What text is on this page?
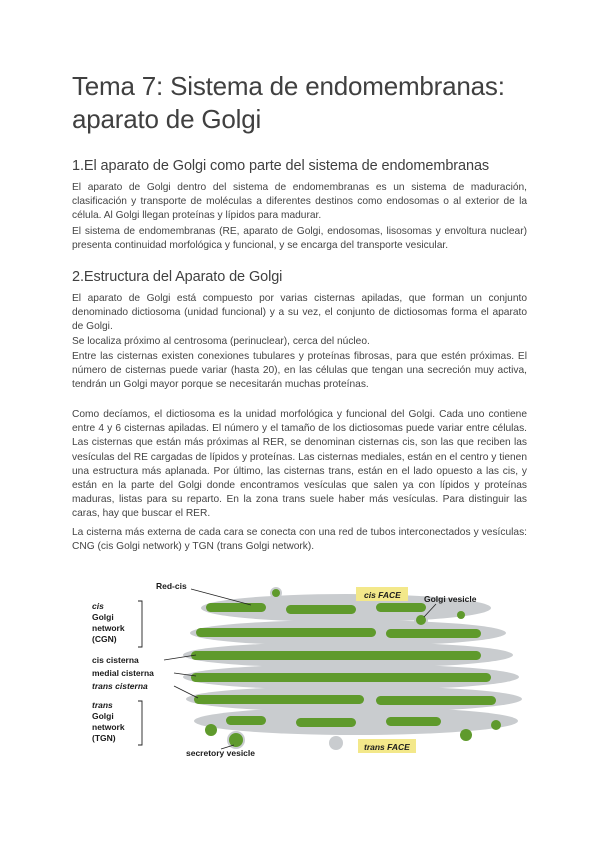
Tema 7: Sistema de endomembranas: aparato de Golgi
1.El aparato de Golgi como parte del sistema de endomembranas

El aparato de Golgi dentro del sistema de endomembranas es un sistema de maduración, clasificación y transporte de moléculas a diferentes destinos como endosomas o al exterior de la célula. Al Golgi llegan proteínas y lípidos para madurar.

El sistema de endomembranas (RE, aparato de Golgi, endosomas, lisosomas y envoltura nuclear) presenta continuidad morfológica y funcional, y se encarga del transporte vesicular.

2.Estructura del Aparato de Golgi

El aparato de Golgi está compuesto por varias cisternas apiladas, que forman un conjunto denominado dictiosoma (unidad funcional) y a su vez, el conjunto de dictiosomas forma el aparato de Golgi.

Se localiza próximo al centrosoma (perinuclear), cerca del núcleo.

Entre las cisternas existen conexiones tubulares y proteínas fibrosas, para que estén próximas. El número de cisternas puede variar (hasta 20), en las células que tengan una secreción muy activa, tendrán un Golgi mayor porque se necesitarán muchas proteínas.

Como decíamos, el dictiosoma es la unidad morfológica y funcional del Golgi. Cada uno contiene entre 4 y 6 cisternas apiladas. El número y el tamaño de los dictiosomas puede variar entre células. Las cisternas que están más próximas al RER, se denominan cisternas cis, son las que reciben las vesículas del RE cargadas de lípidos y proteínas. Las cisternas mediales, están en el centro y tienen una estructura más aplanada. Por último, las cisternas trans, están en el lado opuesto a las cis, y están en la parte del Golgi donde encontramos vesículas que salen ya con lípidos y proteínas maduras, listas para su reparto. En la zona trans suele haber más vesículas. Para distinguir las caras, hay que buscar el RER.

La cisterna más externa de cada cara se conecta con una red de tubos interconectados y vesículas: CNG (cis Golgi network) y TGN (trans Golgi network).

Red-cis
cis FACE	Golgi vesicle
cis
Golgi
network
(CGN)
cis cisterna
medial cisterna
trans cisterna
trans
Golgi
network
(TGN)
secretory vesicle
trans FACE
